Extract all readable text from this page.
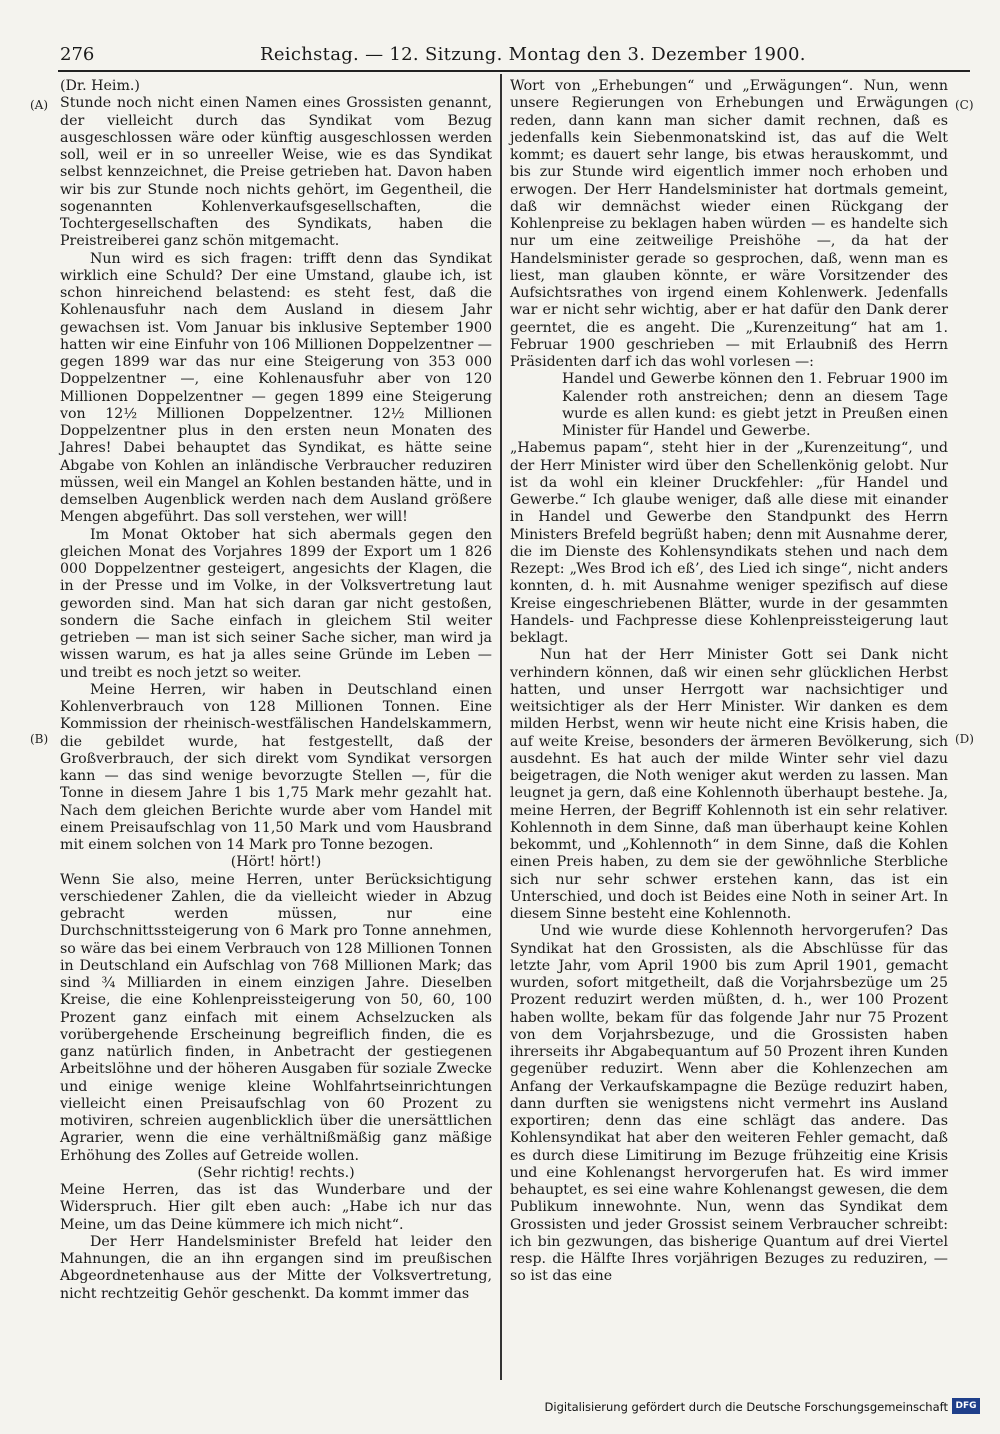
276	Reichstag. — 12. Sitzung. Montag den 3. Dezember 1900.
(A)
(B)
(C)
(D)

(Dr. Heim.)

Stunde noch nicht einen Namen eines Grossisten genannt, der vielleicht durch das Syndikat vom Bezug ausgeschlossen wäre oder künftig ausgeschlossen werden soll, weil er in so unreeller Weise, wie es das Syndikat selbst kennzeichnet, die Preise getrieben hat. Davon haben wir bis zur Stunde noch nichts gehört, im Gegentheil, die sogenannten Kohlenverkaufsgesellschaften, die Tochtergesellschaften des Syndikats, haben die Preistreiberei ganz schön mitgemacht.

Nun wird es sich fragen: trifft denn das Syndikat wirklich eine Schuld? Der eine Umstand, glaube ich, ist schon hinreichend belastend: es steht fest, daß die Kohlenausfuhr nach dem Ausland in diesem Jahr gewachsen ist. Vom Januar bis inklusive September 1900 hatten wir eine Einfuhr von 106 Millionen Doppelzentner — gegen 1899 war das nur eine Steigerung von 353 000 Doppelzentner —, eine Kohlenausfuhr aber von 120 Millionen Doppelzentner — gegen 1899 eine Steigerung von 12½ Millionen Doppelzentner. 12½ Millionen Doppelzentner plus in den ersten neun Monaten des Jahres! Dabei behauptet das Syndikat, es hätte seine Abgabe von Kohlen an inländische Verbraucher reduziren müssen, weil ein Mangel an Kohlen bestanden hätte, und in demselben Augenblick werden nach dem Ausland größere Mengen abgeführt. Das soll verstehen, wer will!

Im Monat Oktober hat sich abermals gegen den gleichen Monat des Vorjahres 1899 der Export um 1 826 000 Doppelzentner gesteigert, angesichts der Klagen, die in der Presse und im Volke, in der Volksvertretung laut geworden sind. Man hat sich daran gar nicht gestoßen, sondern die Sache einfach in gleichem Stil weiter getrieben — man ist sich seiner Sache sicher, man wird ja wissen warum, es hat ja alles seine Gründe im Leben — und treibt es noch jetzt so weiter.

Meine Herren, wir haben in Deutschland einen Kohlenverbrauch von 128 Millionen Tonnen. Eine Kommission der rheinisch-westfälischen Handelskammern, die gebildet wurde, hat festgestellt, daß der Großverbrauch, der sich direkt vom Syndikat versorgen kann — das sind wenige bevorzugte Stellen —, für die Tonne in diesem Jahre 1 bis 1,75 Mark mehr gezahlt hat. Nach dem gleichen Berichte wurde aber vom Handel mit einem Preisaufschlag von 11,50 Mark und vom Hausbrand mit einem solchen von 14 Mark pro Tonne bezogen.

(Hört! hört!)

Wenn Sie also, meine Herren, unter Berücksichtigung verschiedener Zahlen, die da vielleicht wieder in Abzug gebracht werden müssen, nur eine Durchschnittssteigerung von 6 Mark pro Tonne annehmen, so wäre das bei einem Verbrauch von 128 Millionen Tonnen in Deutschland ein Aufschlag von 768 Millionen Mark; das sind ¾ Milliarden in einem einzigen Jahre. Dieselben Kreise, die eine Kohlenpreissteigerung von 50, 60, 100 Prozent ganz einfach mit einem Achselzucken als vorübergehende Erscheinung begreiflich finden, die es ganz natürlich finden, in Anbetracht der gestiegenen Arbeitslöhne und der höheren Ausgaben für soziale Zwecke und einige wenige kleine Wohlfahrtseinrichtungen vielleicht einen Preisaufschlag von 60 Prozent zu motiviren, schreien augenblicklich über die unersättlichen Agrarier, wenn die eine verhältnißmäßig ganz mäßige Erhöhung des Zolles auf Getreide wollen.

(Sehr richtig! rechts.)

Meine Herren, das ist das Wunderbare und der Widerspruch. Hier gilt eben auch: „Habe ich nur das Meine, um das Deine kümmere ich mich nicht“.

Der Herr Handelsminister Brefeld hat leider den Mahnungen, die an ihn ergangen sind im preußischen Abgeordnetenhause aus der Mitte der Volksvertretung, nicht rechtzeitig Gehör geschenkt. Da kommt immer das

Wort von „Erhebungen“ und „Erwägungen“. Nun, wenn unsere Regierungen von Erhebungen und Erwägungen reden, dann kann man sicher damit rechnen, daß es jedenfalls kein Siebenmonatskind ist, das auf die Welt kommt; es dauert sehr lange, bis etwas herauskommt, und bis zur Stunde wird eigentlich immer noch erhoben und erwogen. Der Herr Handelsminister hat dortmals gemeint, daß wir demnächst wieder einen Rückgang der Kohlenpreise zu beklagen haben würden — es handelte sich nur um eine zeitweilige Preishöhe —, da hat der Handelsminister gerade so gesprochen, daß, wenn man es liest, man glauben könnte, er wäre Vorsitzender des Aufsichtsrathes von irgend einem Kohlenwerk. Jedenfalls war er nicht sehr wichtig, aber er hat dafür den Dank derer geerntet, die es angeht. Die „Kurenzeitung“ hat am 1. Februar 1900 geschrieben — mit Erlaubniß des Herrn Präsidenten darf ich das wohl vorlesen —:

Handel und Gewerbe können den 1. Februar 1900 im Kalender roth anstreichen; denn an diesem Tage wurde es allen kund: es giebt jetzt in Preußen einen Minister für Handel und Gewerbe.

„Habemus papam“, steht hier in der „Kurenzeitung“, und der Herr Minister wird über den Schellenkönig gelobt. Nur ist da wohl ein kleiner Druckfehler: „für Handel und Gewerbe.“ Ich glaube weniger, daß alle diese mit einander in Handel und Gewerbe den Standpunkt des Herrn Ministers Brefeld begrüßt haben; denn mit Ausnahme derer, die im Dienste des Kohlensyndikats stehen und nach dem Rezept: „Wes Brod ich eß’, des Lied ich singe“, nicht anders konnten, d. h. mit Ausnahme weniger spezifisch auf diese Kreise eingeschriebenen Blätter, wurde in der gesammten Handels- und Fachpresse diese Kohlenpreissteigerung laut beklagt.

Nun hat der Herr Minister Gott sei Dank nicht verhindern können, daß wir einen sehr glücklichen Herbst hatten, und unser Herrgott war nachsichtiger und weitsichtiger als der Herr Minister. Wir danken es dem milden Herbst, wenn wir heute nicht eine Krisis haben, die auf weite Kreise, besonders der ärmeren Bevölkerung, sich ausdehnt. Es hat auch der milde Winter sehr viel dazu beigetragen, die Noth weniger akut werden zu lassen. Man leugnet ja gern, daß eine Kohlennoth überhaupt bestehe. Ja, meine Herren, der Begriff Kohlennoth ist ein sehr relativer. Kohlennoth in dem Sinne, daß man überhaupt keine Kohlen bekommt, und „Kohlennoth“ in dem Sinne, daß die Kohlen einen Preis haben, zu dem sie der gewöhnliche Sterbliche sich nur sehr schwer erstehen kann, das ist ein Unterschied, und doch ist Beides eine Noth in seiner Art. In diesem Sinne besteht eine Kohlennoth.

Und wie wurde diese Kohlennoth hervorgerufen? Das Syndikat hat den Grossisten, als die Abschlüsse für das letzte Jahr, vom April 1900 bis zum April 1901, gemacht wurden, sofort mitgetheilt, daß die Vorjahrsbezüge um 25 Prozent reduzirt werden müßten, d. h., wer 100 Prozent haben wollte, bekam für das folgende Jahr nur 75 Prozent von dem Vorjahrsbezuge, und die Grossisten haben ihrerseits ihr Abgabequantum auf 50 Prozent ihren Kunden gegenüber reduzirt. Wenn aber die Kohlenzechen am Anfang der Verkaufskampagne die Bezüge reduzirt haben, dann durften sie wenigstens nicht vermehrt ins Ausland exportiren; denn das eine schlägt das andere. Das Kohlensyndikat hat aber den weiteren Fehler gemacht, daß es durch diese Limitirung im Bezuge frühzeitig eine Krisis und eine Kohlenangst hervorgerufen hat. Es wird immer behauptet, es sei eine wahre Kohlenangst gewesen, die dem Publikum innewohnte. Nun, wenn das Syndikat dem Grossisten und jeder Grossist seinem Verbraucher schreibt: ich bin gezwungen, das bisherige Quantum auf drei Viertel resp. die Hälfte Ihres vorjährigen Bezuges zu reduziren, — so ist das eine

Digitalisierung gefördert durch die Deutsche Forschungsgemeinschaft DFG
